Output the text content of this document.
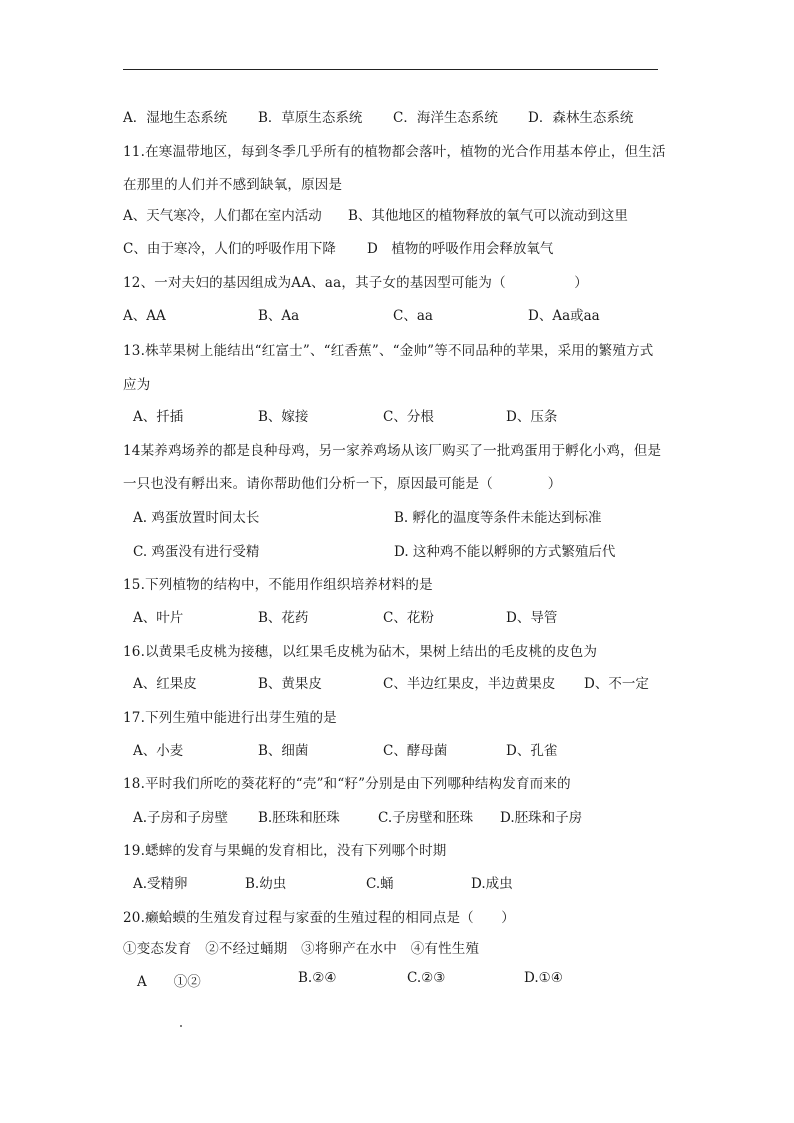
A．湿地生态系统 B．草原生态系统 C．海洋生态系统 D．森林生态系统
11.在寒温带地区，每到冬季几乎所有的植物都会落叶，植物的光合作用基本停止，但生活
在那里的人们并不感到缺氧，原因是
A、天气寒冷，人们都在室内活动 B、其他地区的植物释放的氧气可以流动到这里
C、由于寒冷，人们的呼吸作用下降 D　植物的呼吸作用会释放氧气
12、一对夫妇的基因组成为AA、aa，其子女的基因型可能为（　　　　　）
A、AA	B、Aa	C、aa	D、Aa或aa
13.株苹果树上能结出“红富士”、“红香蕉”、“金帅”等不同品种的苹果，采用的繁殖方式
应为
A、扦插	B、嫁接	C、分根	D、压条
14某养鸡场养的都是良种母鸡，另一家养鸡场从该厂购买了一批鸡蛋用于孵化小鸡，但是
一只也没有孵出来。请你帮助他们分析一下，原因最可能是（　　　　）
A. 鸡蛋放置时间太长	B. 孵化的温度等条件未能达到标准
C. 鸡蛋没有进行受精	D. 这种鸡不能以孵卵的方式繁殖后代
15.下列植物的结构中，不能用作组织培养材料的是
A、叶片	B、花药	C、花粉	D、导管
16.以黄果毛皮桃为接穗，以红果毛皮桃为砧木，果树上结出的毛皮桃的皮色为
A、红果皮	B、黄果皮	C、半边红果皮，半边黄果皮 D、不一定
17.下列生殖中能进行出芽生殖的是
A、小麦	B、细菌	C、酵母菌	D、孔雀
18.平时我们所吃的葵花籽的“壳”和“籽”分别是由下列哪种结构发育而来的
A.子房和子房壁 B.胚珠和胚珠	C.子房壁和胚珠 D.胚珠和子房
19.蟋蟀的发育与果蝇的发育相比，没有下列哪个时期
A.受精卵	B.幼虫	C.蛹	D.成虫
20.癞蛤蟆的生殖发育过程与家蚕的生殖过程的相同点是（　　）
①变态发育　②不经过蛹期　③将卵产在水中　④有性生殖
A　　①②	B.②④	C.②③	D.①④
